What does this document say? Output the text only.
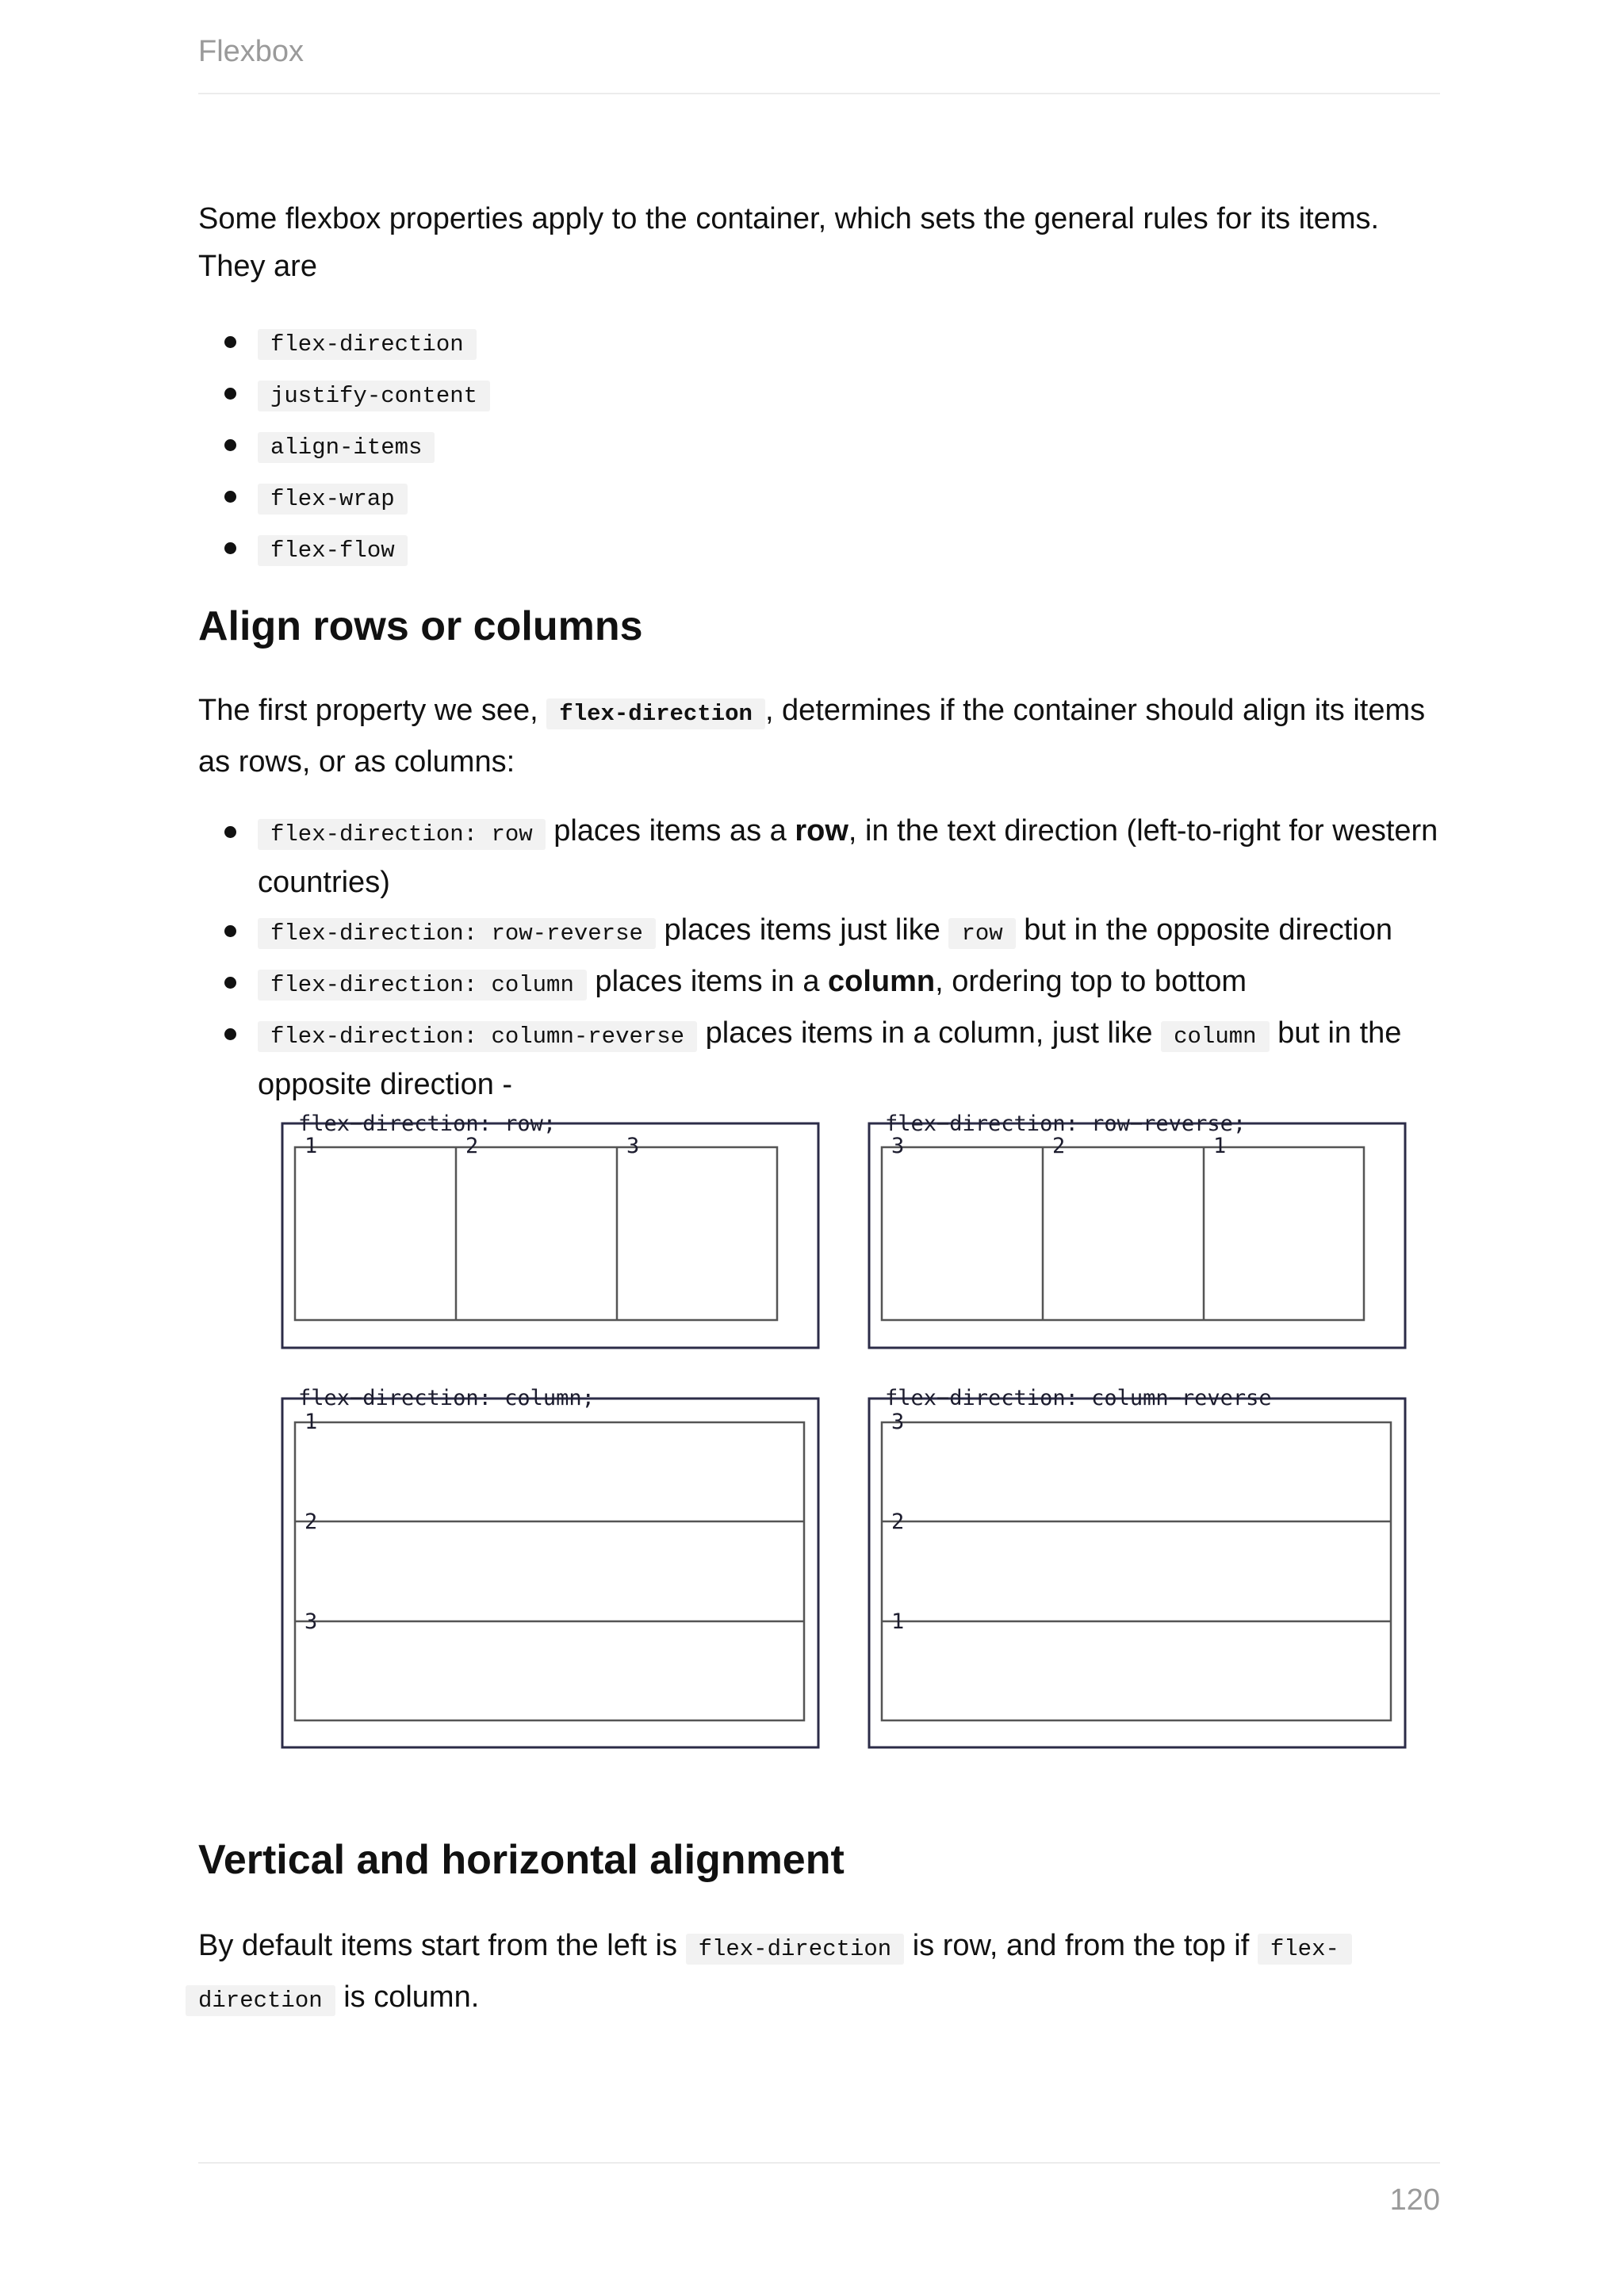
Flexbox

Some flexbox properties apply to the container, which sets the general rules for its items. They are

flex-direction
justify-content
align-items
flex-wrap
flex-flow
Align rows or columns

The first property we see, flex-direction , determines if the container should align its items as rows, or as columns:

flex-direction: row places items as a row, in the text direction (left-to-right for western countries)
flex-direction: row-reverse places items just like row but in the opposite direction
flex-direction: column places items in a column, ordering top to bottom
flex-direction: column-reverse places items in a column, just like column but in the opposite direction -
flex−direction: row;
1	2	3
flex−direction: row−reverse;
3	2	1
flex−direction: column;
1
2
3
flex−direction: column−reverse
3
2
1
Vertical and horizontal alignment

By default items start from the left is flex-direction is row, and from the top if flex-
direction is column.

120
